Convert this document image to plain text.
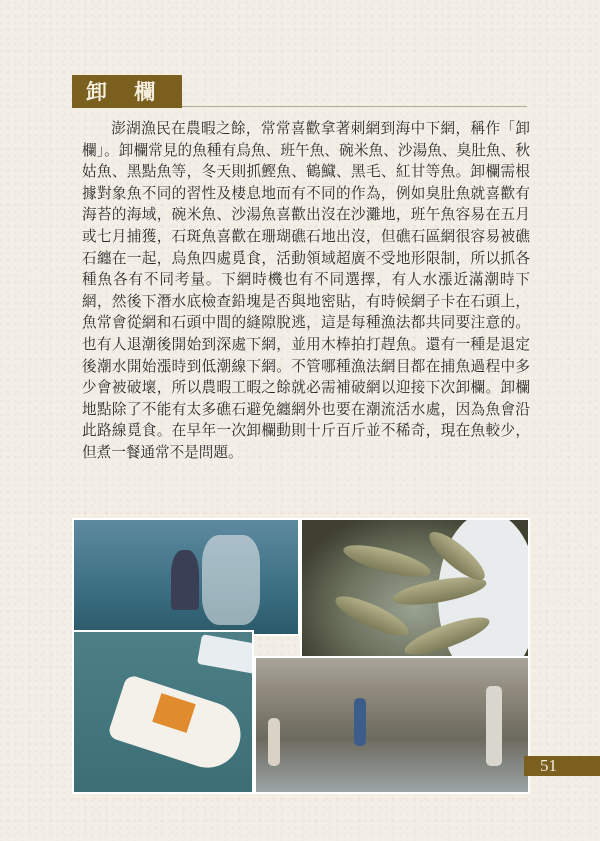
卸 欄

澎湖漁民在農暇之餘，常常喜歡拿著刺網到海中下網，稱作「卸欄」。卸欄常見的魚種有烏魚、班午魚、碗米魚、沙湯魚、臭肚魚、秋姑魚、黑點魚等，冬天則抓鰹魚、鶴鱵、黑毛、紅甘等魚。卸欄需根據對象魚不同的習性及棲息地而有不同的作為，例如臭肚魚就喜歡有海苔的海域，碗米魚、沙湯魚喜歡出沒在沙灘地，班午魚容易在五月或七月捕獲，石斑魚喜歡在珊瑚礁石地出沒，但礁石區網很容易被礁石纏在一起，烏魚四處覓食，活動領域超廣不受地形限制，所以抓各種魚各有不同考量。下網時機也有不同選擇，有人水漲近滿潮時下網，然後下潛水底檢查鉛塊是否與地密貼，有時候網子卡在石頭上，魚常會從網和石頭中間的縫隙脫逃，這是每種漁法都共同要注意的。也有人退潮後開始到深處下網，並用木棒拍打趕魚。還有一種是退定後潮水開始漲時到低潮線下網。不管哪種漁法網目都在捕魚過程中多少會被破壞，所以農暇工暇之餘就必需補破網以迎接下次卸欄。卸欄地點除了不能有太多礁石避免纏網外也要在潮流活水處，因為魚會沿此路線覓食。在早年一次卸欄動則十斤百斤並不稀奇，現在魚較少，但煮一餐通常不是問題。

51
